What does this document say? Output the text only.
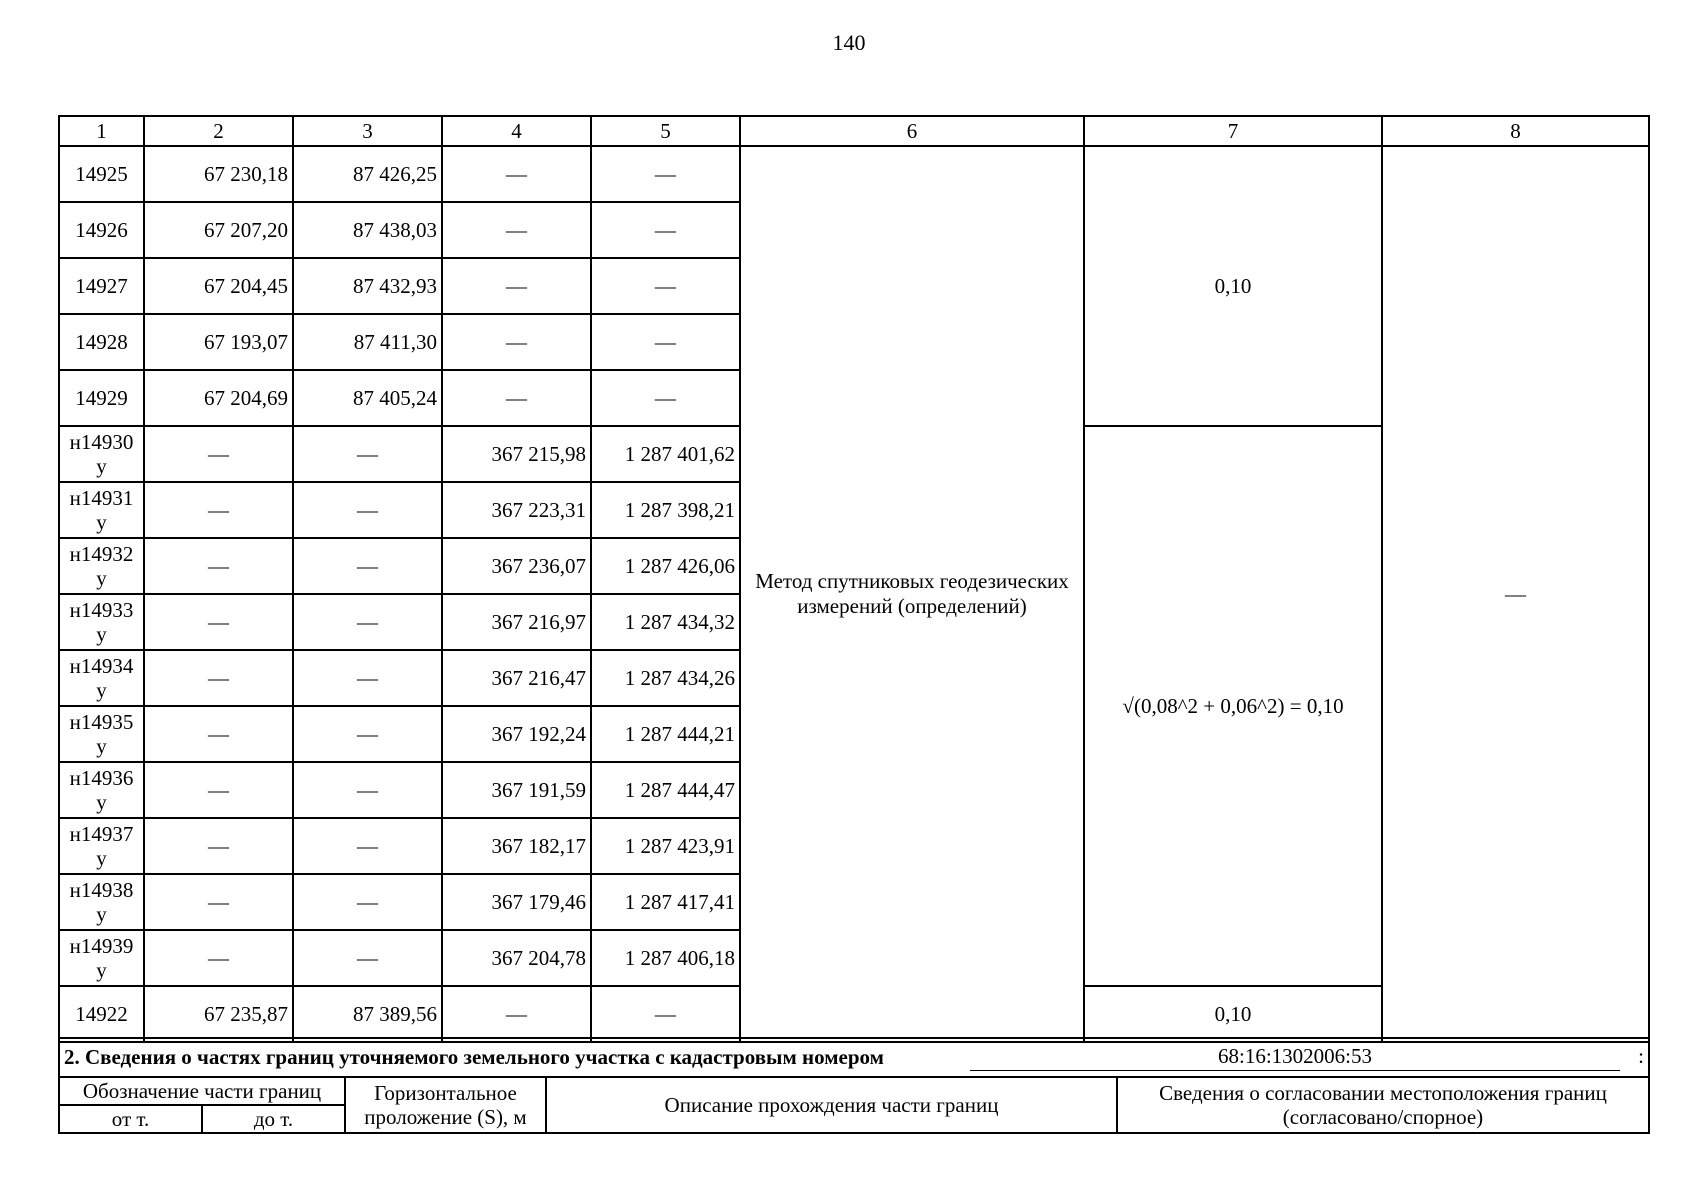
140
1	2	3	4	5	6	7	8
14925	67 230,18	87 426,25	—	—	Метод спутниковых геодезических измерений (определений)	0,10	—
14926	67 207,20	87 438,03	—	—			
14927	67 204,45	87 432,93	—	—			
14928	67 193,07	87 411,30	—	—			
14929	67 204,69	87 405,24	—	—			
н14930 у	—	—	367 215,98	1 287 401,62		√(0,08^2 + 0,06^2) = 0,10	
н14931 у	—	—	367 223,31	1 287 398,21			
н14932 у	—	—	367 236,07	1 287 426,06			
н14933 у	—	—	367 216,97	1 287 434,32			
н14934 у	—	—	367 216,47	1 287 434,26			
н14935 у	—	—	367 192,24	1 287 444,21			
н14936 у	—	—	367 191,59	1 287 444,47			
н14937 у	—	—	367 182,17	1 287 423,91			
н14938 у	—	—	367 179,46	1 287 417,41			
н14939 у	—	—	367 204,78	1 287 406,18			
14922	67 235,87	87 389,56	—	—		0,10	
2. Сведения о частях границ уточняемого земельного участка с кадастровым номером 68:16:1302006:53 :				

Обозначение части границ		Горизонтальное проложение (S), м	Описание прохождения части границ	Сведения о согласовании местоположения границ (согласовано/спорное)
от т.	до т.			
